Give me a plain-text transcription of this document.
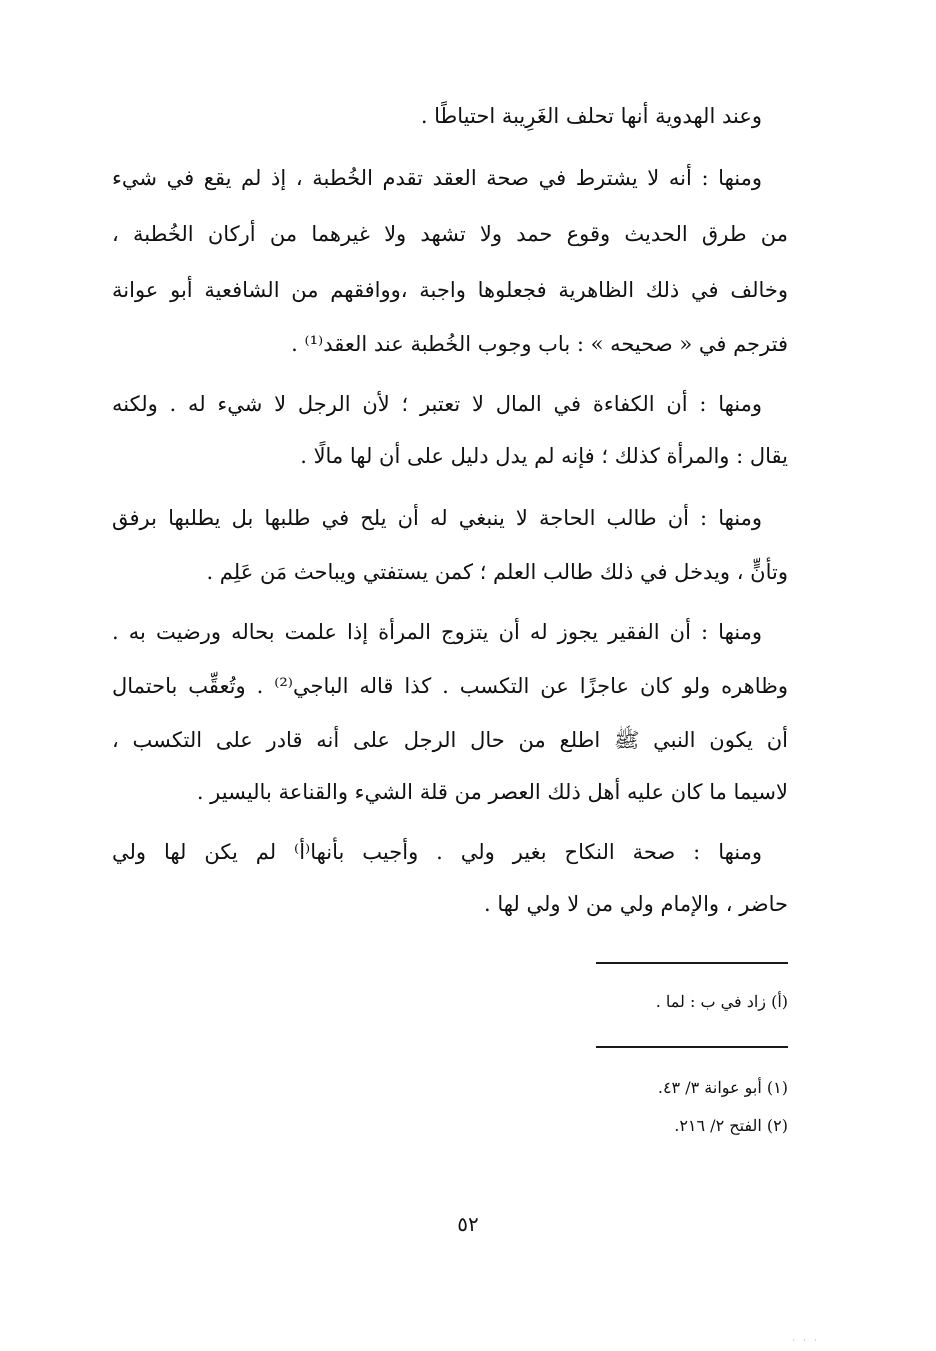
وعند الهدوية أنها تحلف الغَرِيبة احتياطًا .
ومنها : أنه لا يشترط في صحة العقد تقدم الخُطبة ، إذ لم يقع في شيء
من طرق الحديث وقوع حمد ولا تشهد ولا غيرهما من أركان الخُطبة ،
وخالف في ذلك الظاهرية فجعلوها واجبة ،ووافقهم من الشافعية أبو عوانة
فترجم في « صحيحه » : باب وجوب الخُطبة عند العقد⁽¹⁾ .
ومنها : أن الكفاءة في المال لا تعتبر ؛ لأن الرجل لا شيء له . ولكنه
يقال : والمرأة كذلك ؛ فإنه لم يدل دليل على أن لها مالًا .
ومنها : أن طالب الحاجة لا ينبغي له أن يلح في طلبها بل يطلبها برفق
وتأنٍّ ، ويدخل في ذلك طالب العلم ؛ كمن يستفتي ويباحث مَن عَلِم .
ومنها : أن الفقير يجوز له أن يتزوج المرأة إذا علمت بحاله ورضيت به .
وظاهره ولو كان عاجزًا عن التكسب . كذا قاله الباجي⁽²⁾ . وتُعقِّب باحتمال
أن يكون النبي ﷺ اطلع من حال الرجل على أنه قادر على التكسب ،
لاسيما ما كان عليه أهل ذلك العصر من قلة الشيء والقناعة باليسير .
ومنها : صحة النكاح بغير ولي . وأجيب بأنها⁽أ⁾ لم يكن لها ولي
حاضر ، والإمام ولي من لا ولي لها .
(أ) زاد في ب : لما .
(١) أبو عوانة ٣/ ٤٣.
(٢) الفتح ٢/ ٢١٦.
٥٢
· · ·
